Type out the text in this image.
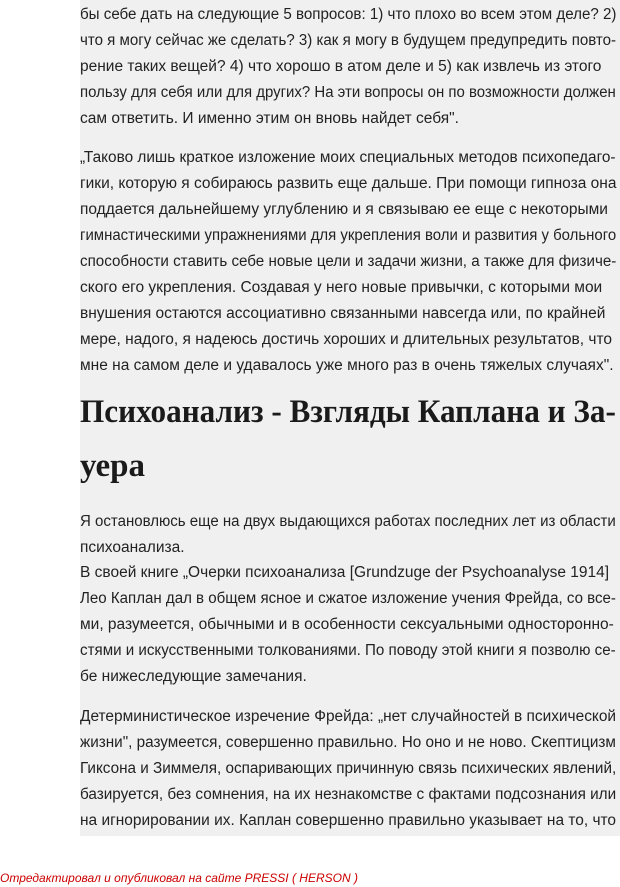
бы себе дать на следующие 5 вопросов: 1) что плохо во всем этом деле? 2)
что я могу сейчас же сделать? 3) как я могу в будущем предупредить повто-
рение таких вещей? 4) что хорошо в атом деле и 5) как извлечь из этого
пользу для себя или для других? На эти вопросы он по возможности должен
сам ответить. И именно этим он вновь найдет себя".
„Таково лишь краткое изложение моих специальных методов психопедаго-
гики, которую я собираюсь развить еще дальше. При помощи гипноза она
поддается дальнейшему углублению и я связываю ее еще с некоторыми
гимнастическими упражнениями для укрепления воли и развития у больного
способности ставить себе новые цели и задачи жизни, а также для физиче-
ского его укрепления. Создавая у него новые привычки, с которыми мои
внушения остаются ассоциативно связанными навсегда или, по крайней
мере, надого, я надеюсь достичь хороших и длительных результатов, что
мне на самом деле и удавалось уже много раз в очень тяжелых случаях".
Психоанализ - Взгляды Каплана и За-
уера
Я остановлюсь еще на двух выдающихся работах последних лет из области
психоанализа.
В своей книге „Очерки психоанализа [Grundzuge der Psychoanalyse 1914]
Лео Каплан дал в общем ясное и сжатое изложение учения Фрейда, со все-
ми, разумеется, обычными и в особенности сексуальными односторонно-
стями и искусственными толкованиями. По поводу этой книги я позволю се-
бе нижеследующие замечания.
Детерминистическое изречение Фрейда: „нет случайностей в психической
жизни", разумеется, совершенно правильно. Но оно и не ново. Скептицизм
Гиксона и Зиммеля, оспаривающих причинную связь психических явлений,
базируется, без сомнения, на их незнакомстве с фактами подсознания или
на игнорировании их. Каплан совершенно правильно указывает на то, что
Отредактировал и опубликовал на сайте PRESSI ( HERSON )
